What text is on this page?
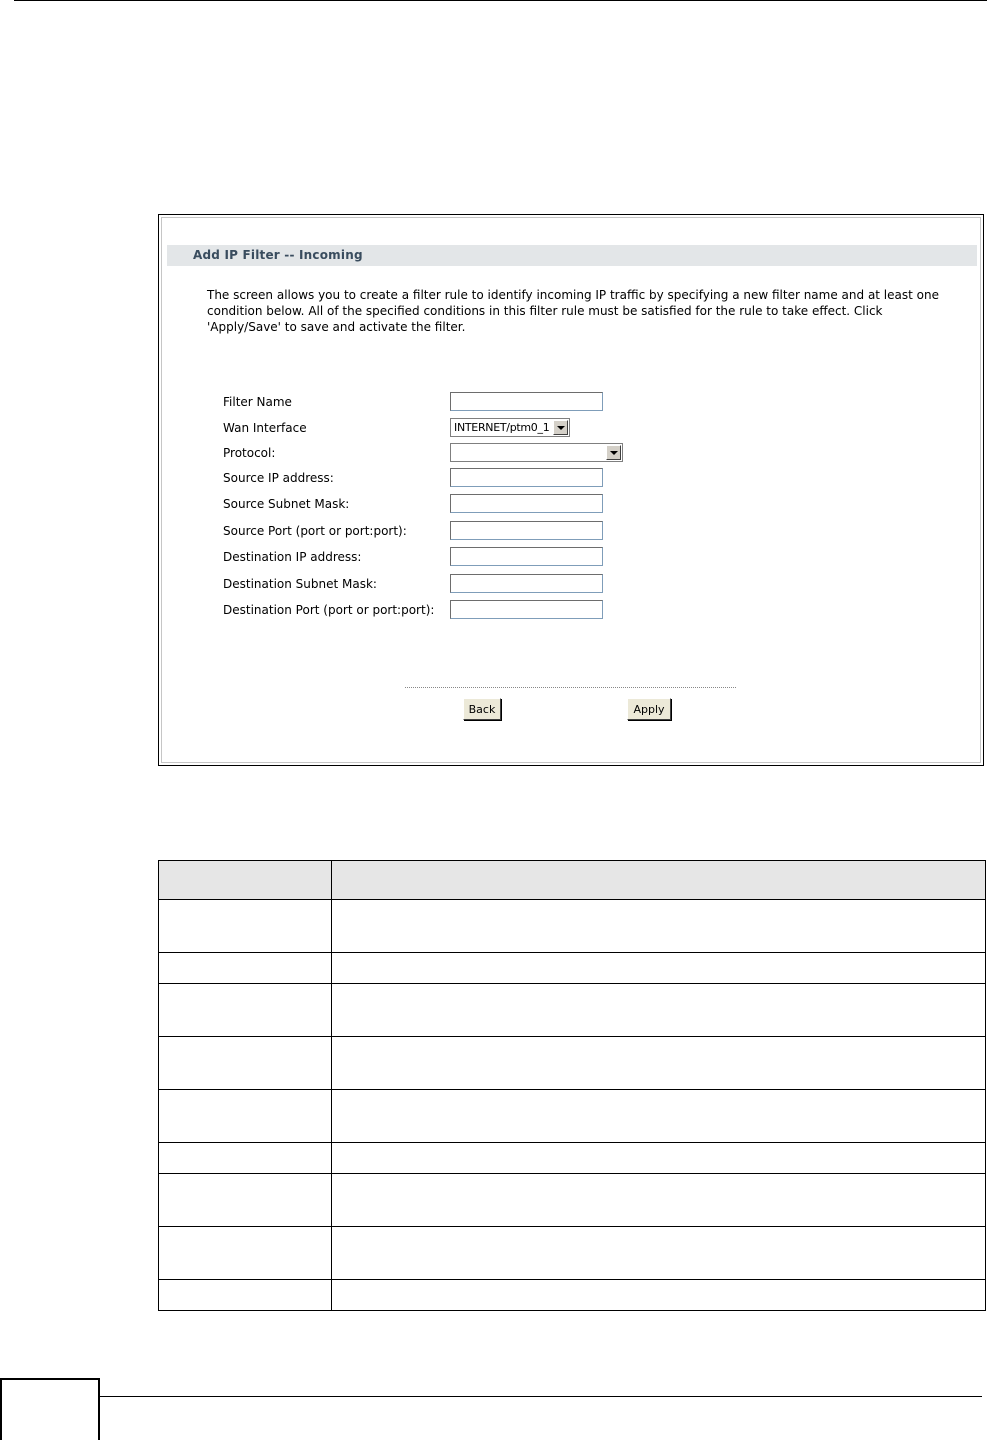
Add IP Filter -- Incoming
The screen allows you to create a filter rule to identify incoming IP traffic by specifying a new filter name and at least one
condition below. All of the specified conditions in this filter rule must be satisfied for the rule to take effect. Click
'Apply/Save' to save and activate the filter.
Filter Name
Wan Interface	INTERNET/ptm0_1
Protocol:
Source IP address:
Source Subnet Mask:
Source Port (port or port:port):
Destination IP address:
Destination Subnet Mask:
Destination Port (port or port:port):
Back	Apply
